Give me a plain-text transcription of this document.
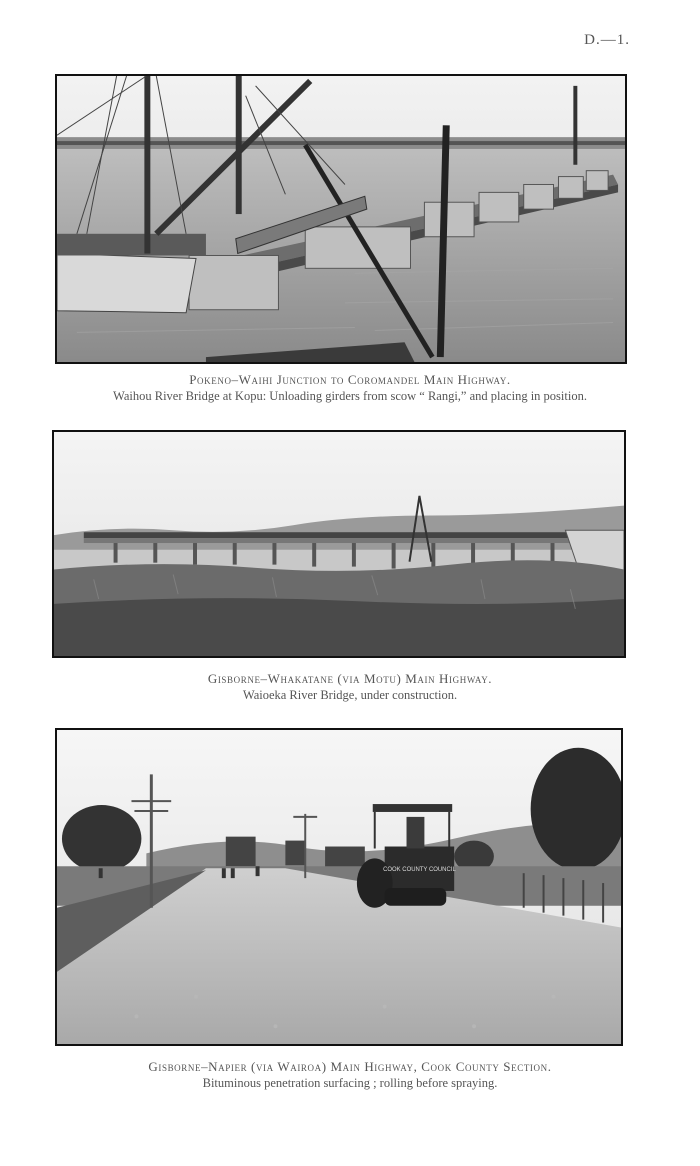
D.—1.
Pokeno–Waihi Junction to Coromandel Main Highway.
Waihou River Bridge at Kopu: Unloading girders from scow “ Rangi,” and placing in position.
Gisborne–Whakatane (via Motu) Main Highway.
Waioeka River Bridge, under construction.
COOK COUNTY COUNCIL
Gisborne–Napier (via Wairoa) Main Highway, Cook County Section.
Bituminous penetration surfacing ; rolling before spraying.
